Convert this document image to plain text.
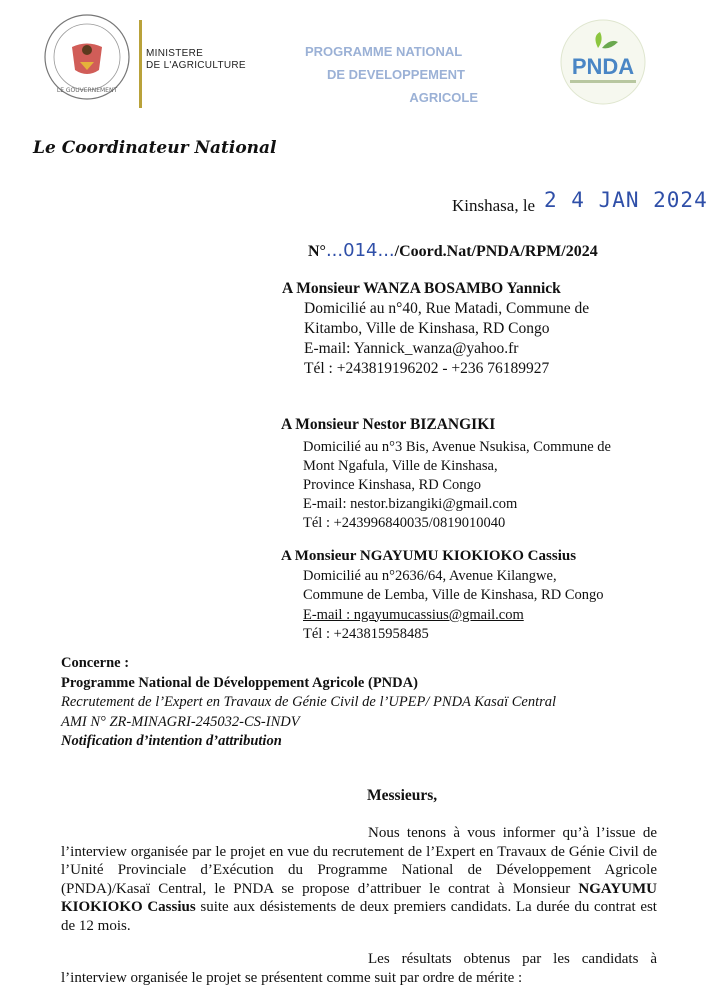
LE GOUVERNEMENT
MINISTERE
DE L'AGRICULTURE
PROGRAMME NATIONAL
DE DEVELOPPEMENT
AGRICOLE
PNDA
Le Coordinateur National
Kinshasa, le 2 4 JAN 2024
N°...014.../Coord.Nat/PNDA/RPM/2024
A Monsieur WANZA BOSAMBO Yannick
Domicilié au n°40, Rue Matadi, Commune de
Kitambo, Ville de Kinshasa, RD Congo
E-mail: Yannick_wanza@yahoo.fr
Tél : +243819196202 - +236 76189927
A Monsieur Nestor BIZANGIKI
Domicilié au n°3 Bis, Avenue Nsukisa, Commune de
Mont Ngafula, Ville de Kinshasa,
Province Kinshasa, RD Congo
E-mail: nestor.bizangiki@gmail.com
Tél : +243996840035/0819010040
A Monsieur NGAYUMU KIOKIOKO Cassius
Domicilié au n°2636/64, Avenue Kilangwe,
Commune de Lemba, Ville de Kinshasa, RD Congo
E-mail : ngayumucassius@gmail.com
Tél : +243815958485
Concerne :
Programme National de Développement Agricole (PNDA)
Recrutement de l’Expert en Travaux de Génie Civil de l’UPEP/ PNDA Kasaï Central
AMI N° ZR-MINAGRI-245032-CS-INDV
Notification d’intention d’attribution
Messieurs,
Nous tenons à vous informer qu’à l’issue de l’interview organisée par le projet en vue du recrutement de l’Expert en Travaux de Génie Civil de l’Unité Provinciale d’Exécution du Programme National de Développement Agricole (PNDA)/Kasaï Central, le PNDA se propose d’attribuer le contrat à Monsieur NGAYUMU KIOKIOKO Cassius suite aux désistements de deux premiers candidats. La durée du contrat est de 12 mois.
Les résultats obtenus par les candidats à l’interview organisée le projet se présentent comme suit par ordre de mérite :
